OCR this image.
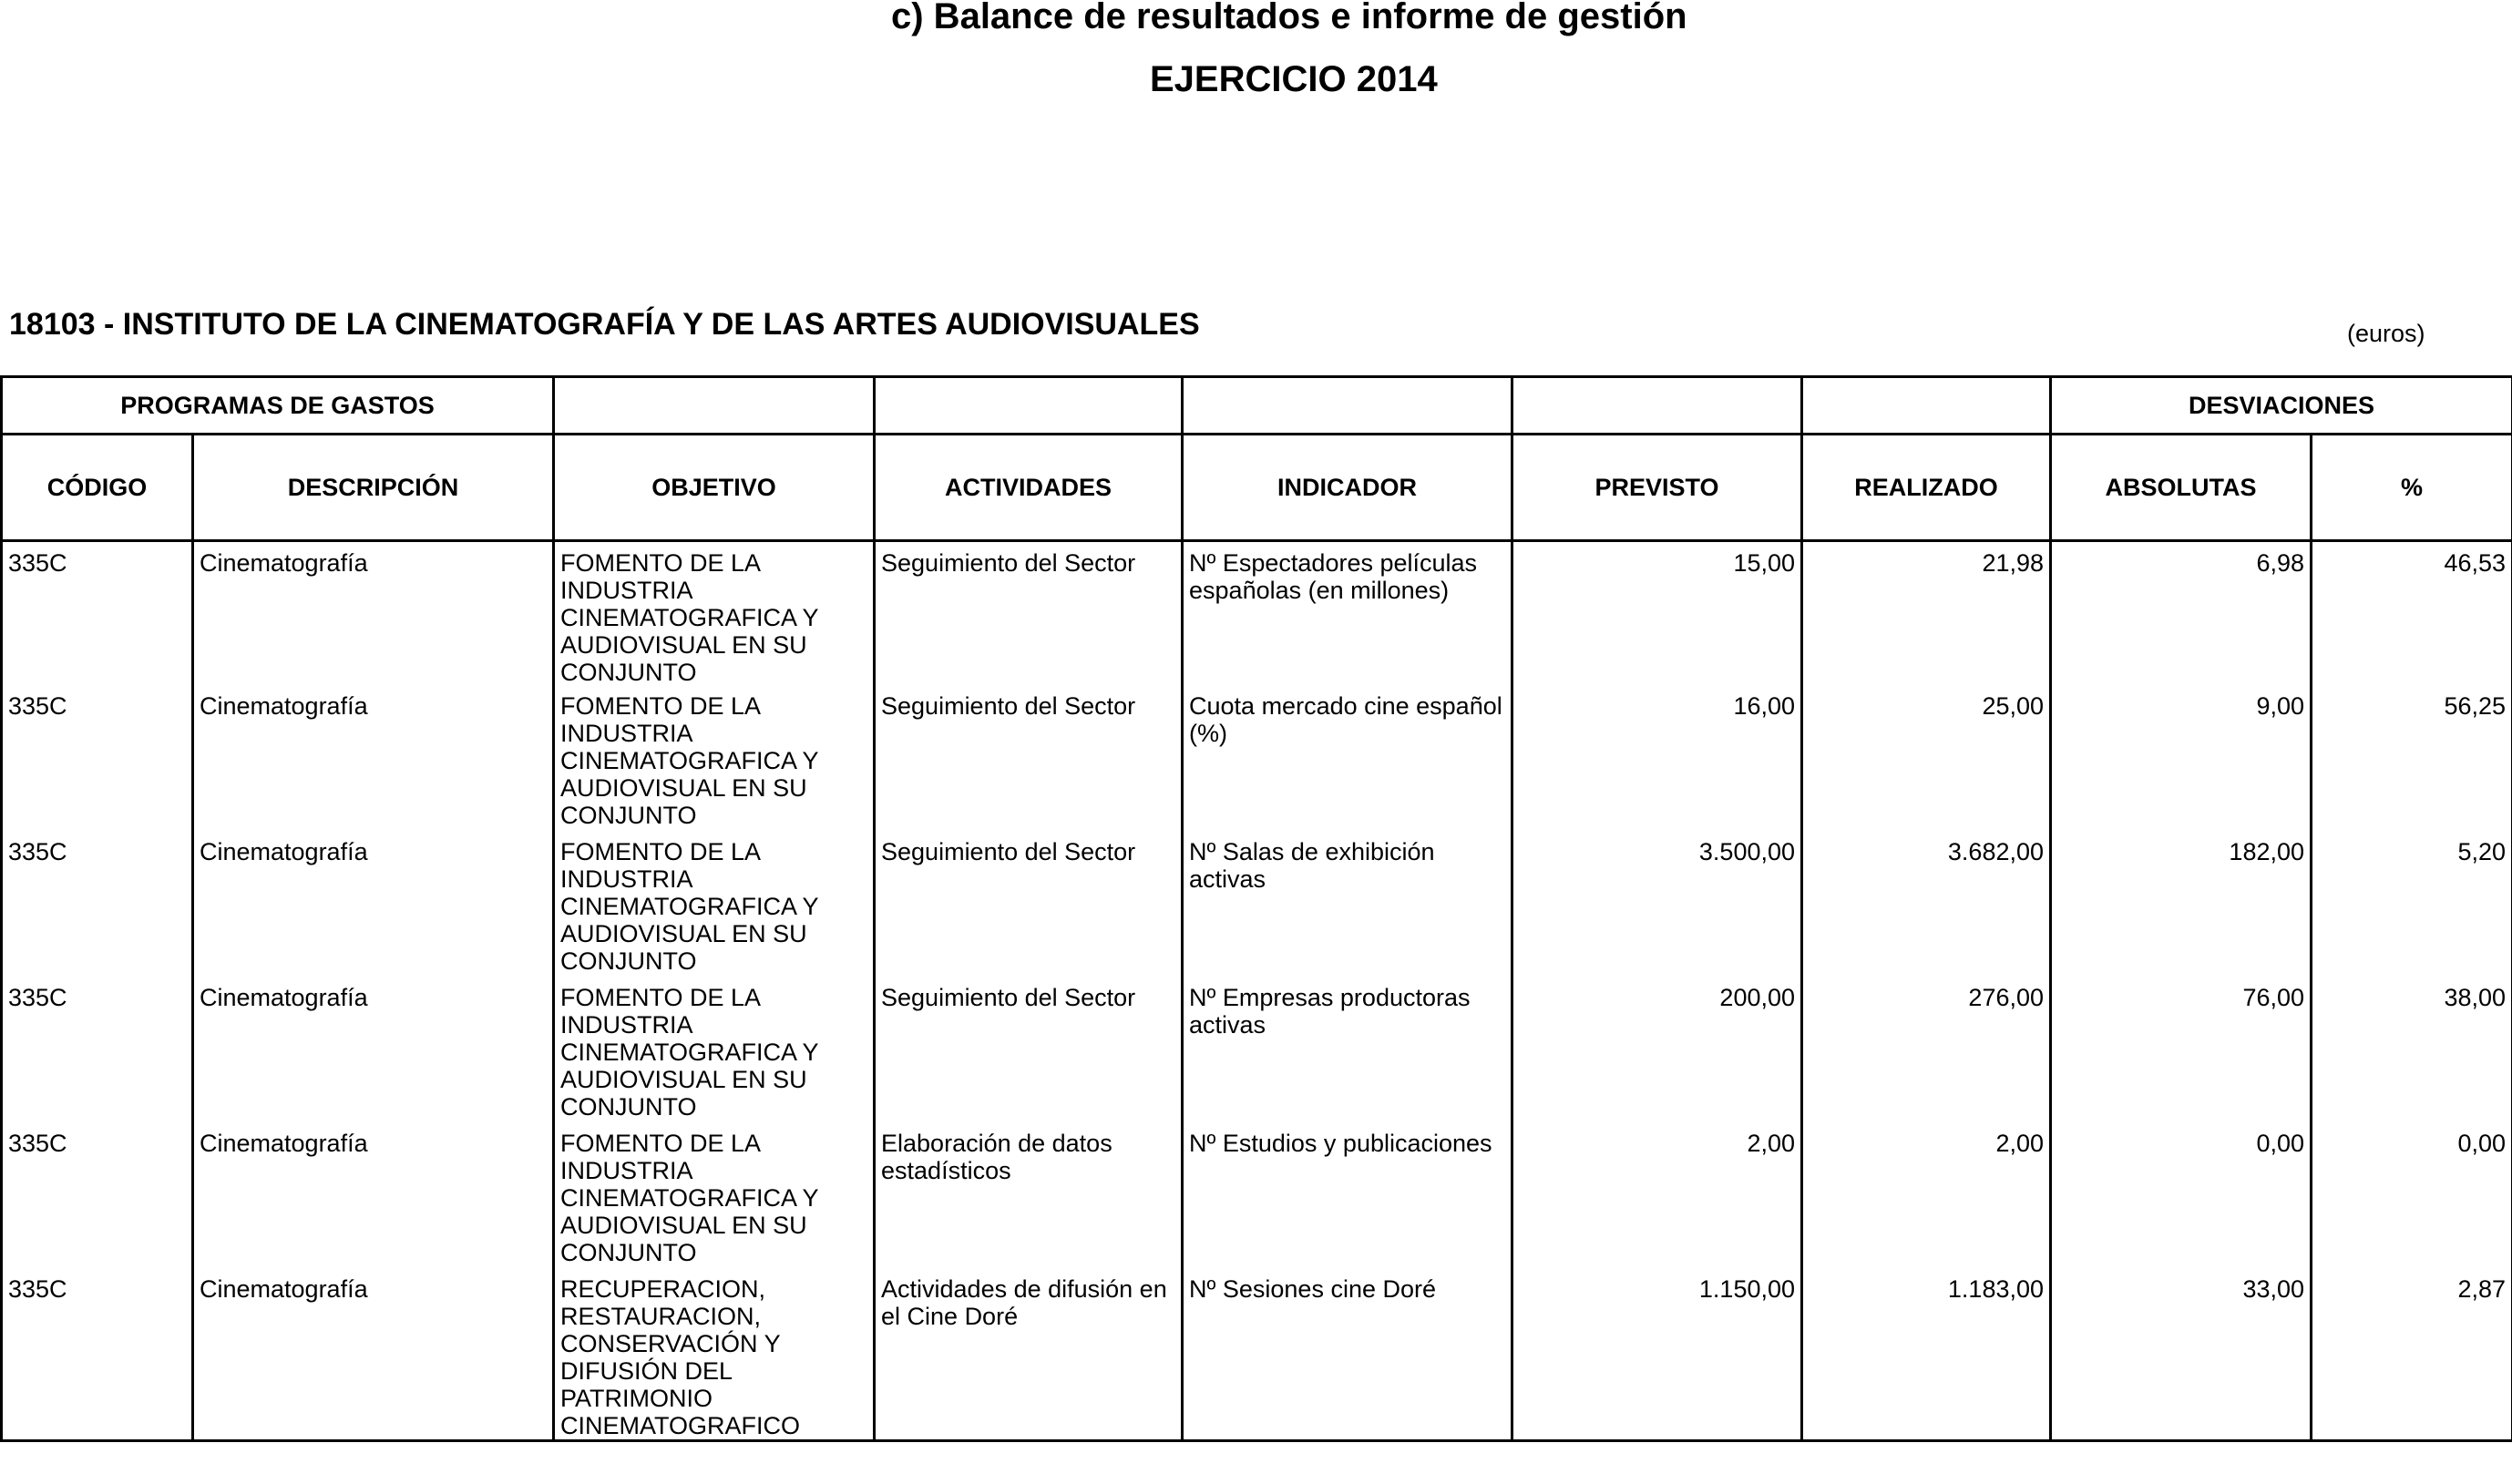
c) Balance de resultados e informe de gestión
EJERCICIO 2014
18103 - INSTITUTO DE LA CINEMATOGRAFÍA Y DE LAS ARTES AUDIOVISUALES	(euros)
PROGRAMAS DE GASTOS							DESVIACIONES	
CÓDIGO	DESCRIPCIÓN	OBJETIVO	ACTIVIDADES	INDICADOR	PREVISTO	REALIZADO	ABSOLUTAS	%
335C	Cinematografía	FOMENTO DE LA INDUSTRIA CINEMATOGRAFICA Y AUDIOVISUAL EN SU CONJUNTO	Seguimiento del Sector	Nº Espectadores películas españolas (en millones)	15,00	21,98	6,98	46,53
335C	Cinematografía	FOMENTO DE LA INDUSTRIA CINEMATOGRAFICA Y AUDIOVISUAL EN SU CONJUNTO	Seguimiento del Sector	Cuota mercado cine español (%)	16,00	25,00	9,00	56,25
335C	Cinematografía	FOMENTO DE LA INDUSTRIA CINEMATOGRAFICA Y AUDIOVISUAL EN SU CONJUNTO	Seguimiento del Sector	Nº Salas de exhibición activas	3.500,00	3.682,00	182,00	5,20
335C	Cinematografía	FOMENTO DE LA INDUSTRIA CINEMATOGRAFICA Y AUDIOVISUAL EN SU CONJUNTO	Seguimiento del Sector	Nº Empresas productoras activas	200,00	276,00	76,00	38,00
335C	Cinematografía	FOMENTO DE LA INDUSTRIA CINEMATOGRAFICA Y AUDIOVISUAL EN SU CONJUNTO	Elaboración de datos estadísticos	Nº Estudios y publicaciones	2,00	2,00	0,00	0,00
335C	Cinematografía	RECUPERACION, RESTAURACION, CONSERVACIÓN Y DIFUSIÓN DEL PATRIMONIO CINEMATOGRAFICO	Actividades de difusión en el Cine Doré	Nº Sesiones cine Doré	1.150,00	1.183,00	33,00	2,87
